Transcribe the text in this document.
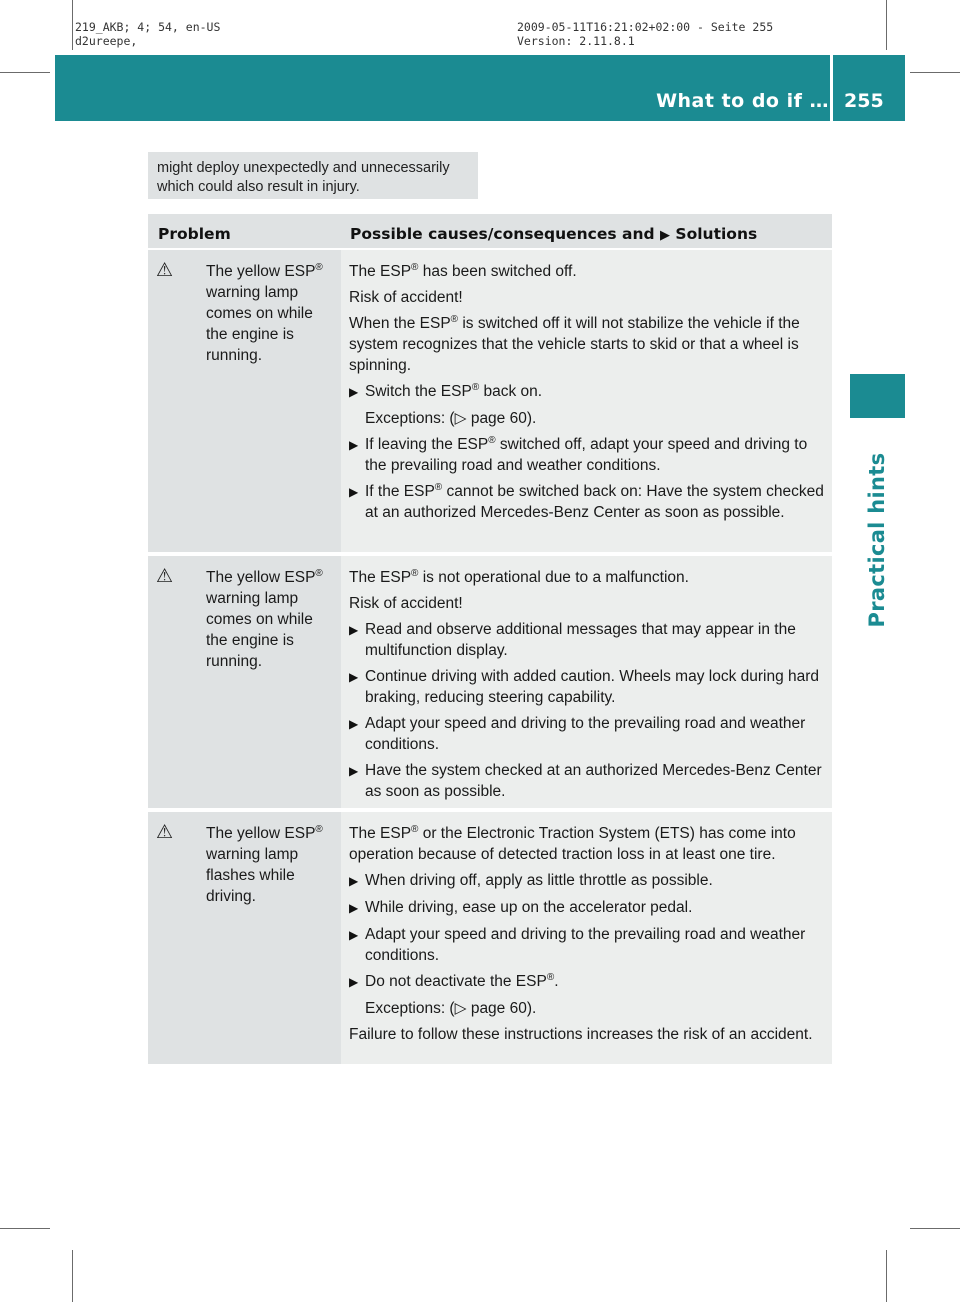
219_AKB; 4; 54, en-US
d2ureepe,
2009-05-11T16:21:02+02:00 - Seite 255
Version: 2.11.8.1
What to do if … 255
Practical hints
might deploy unexpectedly and unnecessarily
which could also result in injury.
Problem	Possible causes/consequences and ▶ Solutions
⚠	The yellow ESP® warning lamp comes on while the engine is running.
The ESP® has been switched off.
Risk of accident!
When the ESP® is switched off it will not stabilize the vehicle if the system recognizes that the vehicle starts to skid or that a wheel is spinning.
▶ Switch the ESP® back on.
Exceptions: (▷ page 60).
▶ If leaving the ESP® switched off, adapt your speed and driving to the prevailing road and weather conditions.
▶ If the ESP® cannot be switched back on: Have the system checked at an authorized Mercedes-Benz Center as soon as possible.
⚠	The yellow ESP® warning lamp comes on while the engine is running.
The ESP® is not operational due to a malfunction.
Risk of accident!
▶ Read and observe additional messages that may appear in the multifunction display.
▶ Continue driving with added caution. Wheels may lock during hard braking, reducing steering capability.
▶ Adapt your speed and driving to the prevailing road and weather conditions.
▶ Have the system checked at an authorized Mercedes-Benz Center as soon as possible.
⚠	The yellow ESP® warning lamp flashes while driving.
The ESP® or the Electronic Traction System (ETS) has come into operation because of detected traction loss in at least one tire.
▶ When driving off, apply as little throttle as possible.
▶ While driving, ease up on the accelerator pedal.
▶ Adapt your speed and driving to the prevailing road and weather conditions.
▶ Do not deactivate the ESP®.
Exceptions: (▷ page 60).
Failure to follow these instructions increases the risk of an accident.
